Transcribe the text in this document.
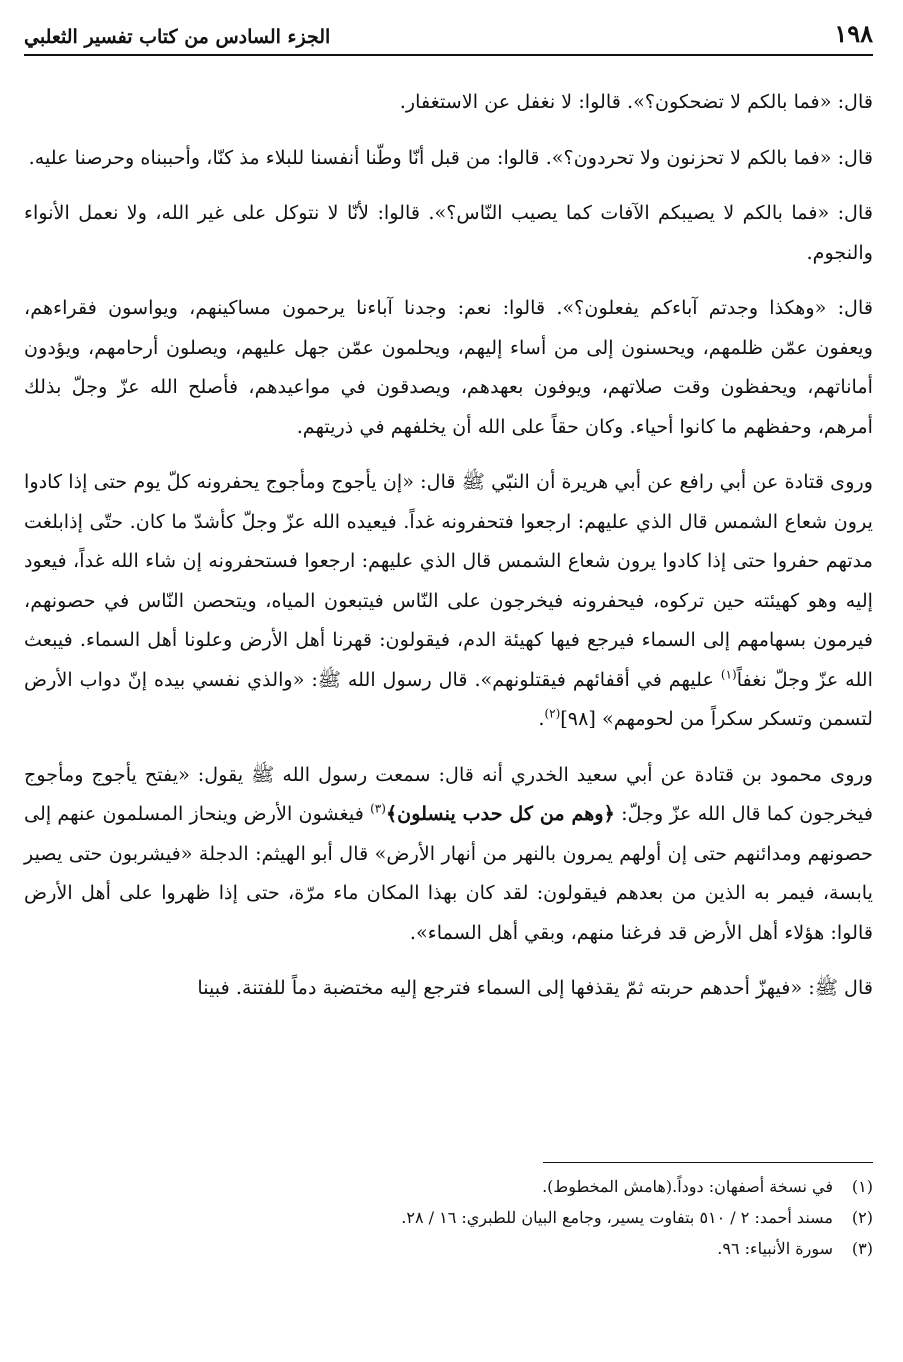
١٩٨
الجزء السادس من كتاب تفسير الثعلبي

قال: «فما بالكم لا تضحكون؟». قالوا: لا نغفل عن الاستغفار.

قال: «فما بالكم لا تحزنون ولا تحردون؟». قالوا: من قبل أنّا وطّنا أنفسنا للبلاء مذ كنّا، وأحببناه وحرصنا عليه.

قال: «فما بالكم لا يصيبكم الآفات كما يصيب النّاس؟». قالوا: لأنّا لا نتوكل على غير الله، ولا نعمل الأنواء والنجوم.

قال: «وهكذا وجدتم آباءكم يفعلون؟». قالوا: نعم: وجدنا آباءنا يرحمون مساكينهم، ويواسون فقراءهم، ويعفون عمّن ظلمهم، ويحسنون إلى من أساء إليهم، ويحلمون عمّن جهل عليهم، ويصلون أرحامهم، ويؤدون أماناتهم، ويحفظون وقت صلاتهم، ويوفون بعهدهم، ويصدقون في مواعيدهم، فأصلح الله عزّ وجلّ بذلك أمرهم، وحفظهم ما كانوا أحياء. وكان حقاً على الله أن يخلفهم في ذريتهم.

وروى قتادة عن أبي رافع عن أبي هريرة أن النبّي ﷺ قال: «إن يأجوج ومأجوج يحفرونه كلّ يوم حتى إذا كادوا يرون شعاع الشمس قال الذي عليهم: ارجعوا فتحفرونه غداً. فيعيده الله عزّ وجلّ كأشدّ ما كان. حتّى إذابلغت مدتهم حفروا حتى إذا كادوا يرون شعاع الشمس قال الذي عليهم: ارجعوا فستحفرونه إن شاء الله غداً، فيعود إليه وهو كهيئته حين تركوه، فيحفرونه فيخرجون على النّاس فيتبعون المياه، ويتحصن النّاس في حصونهم، فيرمون بسهامهم إلى السماء فيرجع فيها كهيئة الدم، فيقولون: قهرنا أهل الأرض وعلونا أهل السماء. فيبعث الله عزّ وجلّ نغفاً$^{(١)}$ عليهم في أقفائهم فيقتلونهم». قال رسول الله ﷺ: «والذي نفسي بيده إنّ دواب الأرض لتسمن وتسكر سكراً من لحومهم» [٩٨]$^{(٢)}$.

وروى محمود بن قتادة عن أبي سعيد الخدري أنه قال: سمعت رسول الله ﷺ يقول: «يفتح يأجوج ومأجوج فيخرجون كما قال الله عزّ وجلّ: ﴿وهم من كل حدب ينسلون﴾$^{(٣)}$ فيغشون الأرض وينحاز المسلمون عنهم إلى حصونهم ومدائنهم حتى إن أولهم يمرون بالنهر من أنهار الأرض» قال أبو الهيثم: الدجلة «فيشربون حتى يصير يابسة، فيمر به الذين من بعدهم فيقولون: لقد كان بهذا المكان ماء مرّة، حتى إذا ظهروا على أهل الأرض قالوا: هؤلاء أهل الأرض قد فرغنا منهم، وبقي أهل السماء».

قال ﷺ: «فيهزّ أحدهم حربته ثمّ يقذفها إلى السماء فترجع إليه مختضبة دماً للفتنة. فبينا

(١)
في نسخة أصفهان: دوداً.(هامش المخطوط).
(٢)
مسند أحمد: ٢ / ٥١٠ بتفاوت يسير، وجامع البيان للطبري: ١٦ / ٢٨.
(٣)
سورة الأنبياء: ٩٦.
